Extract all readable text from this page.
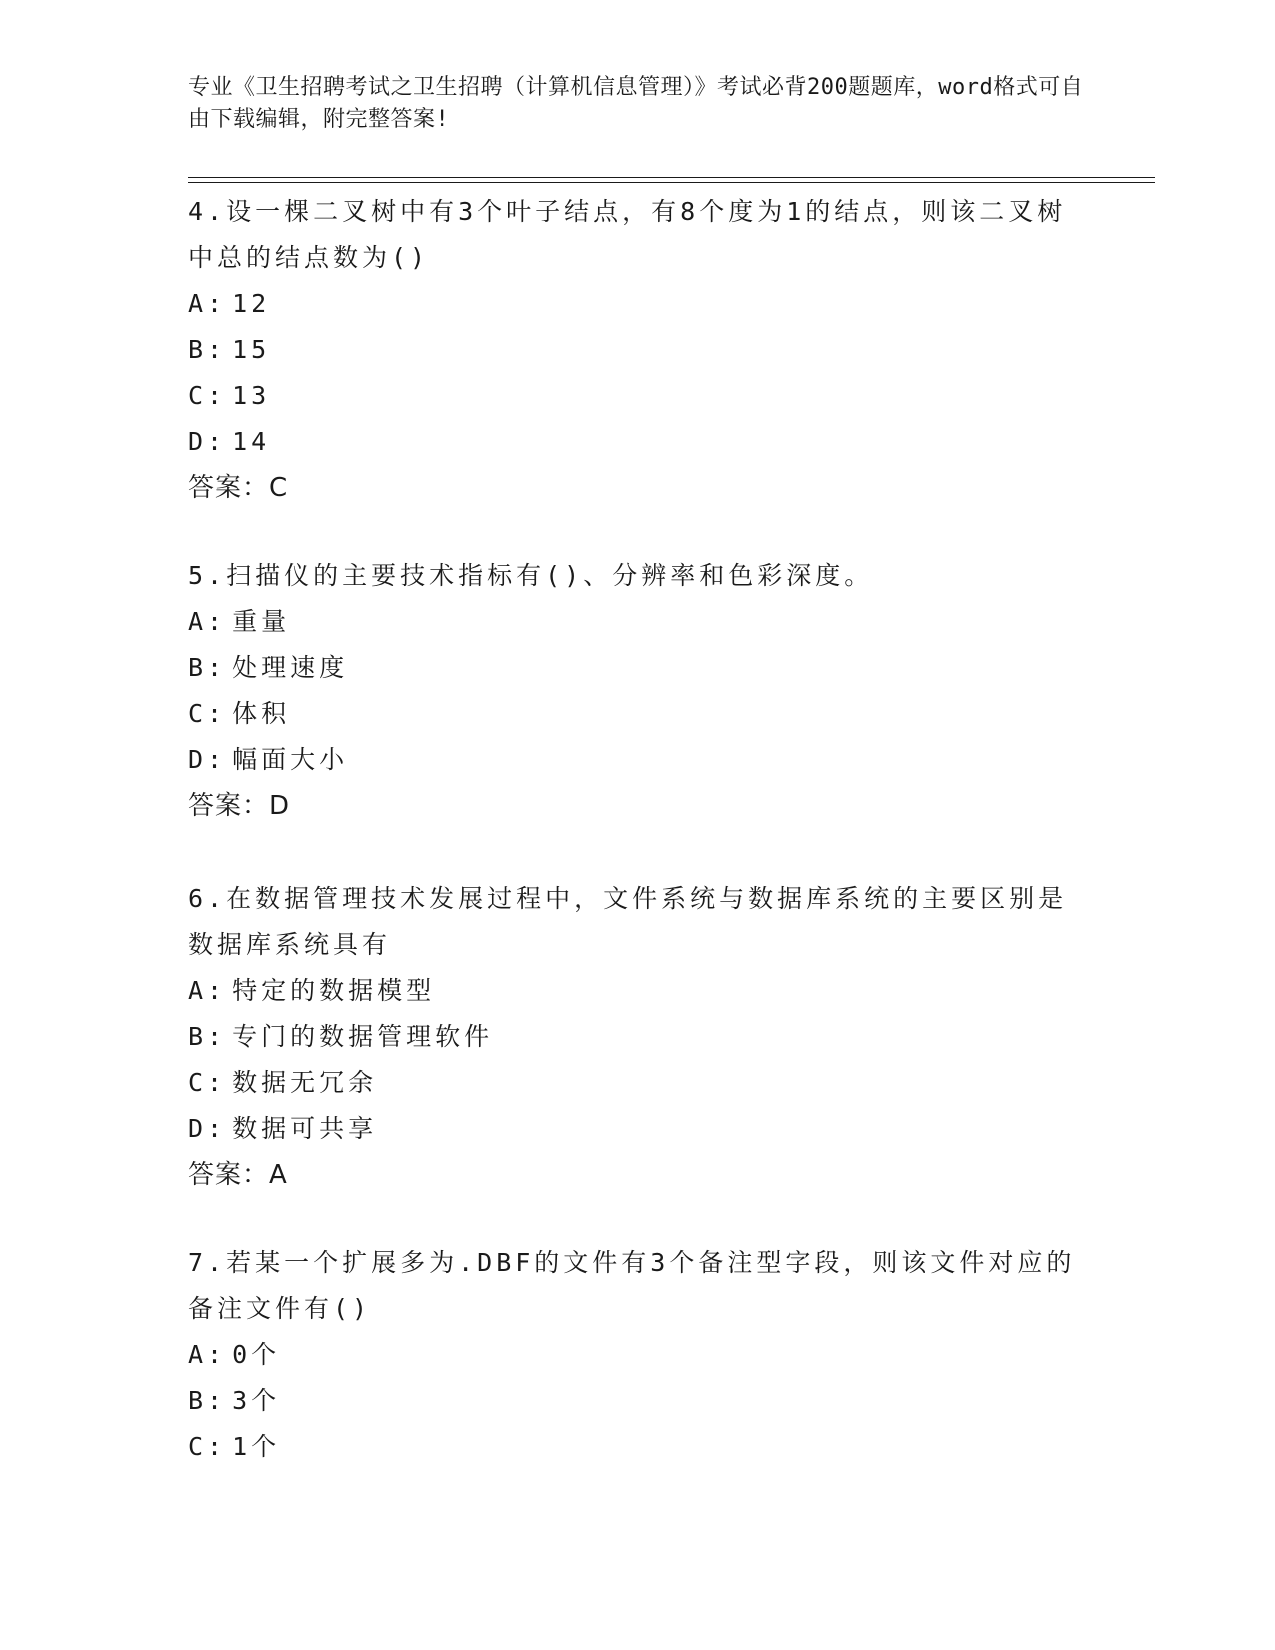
专业《卫生招聘考试之卫生招聘（计算机信息管理）》考试必背200题题库，word格式可自由下载编辑，附完整答案!

4.设一棵二叉树中有3个叶子结点，有8个度为1的结点，则该二叉树中总的结点数为()

A: 12

B: 15

C: 13

D: 14

答案：C

5.扫描仪的主要技术指标有()、分辨率和色彩深度。

A: 重量

B: 处理速度

C: 体积

D: 幅面大小

答案：D

6.在数据管理技术发展过程中，文件系统与数据库系统的主要区别是数据库系统具有

A: 特定的数据模型

B: 专门的数据管理软件

C: 数据无冗余

D: 数据可共享

答案：A

7.若某一个扩展多为.DBF的文件有3个备注型字段，则该文件对应的备注文件有()

A: 0个

B: 3个

C: 1个
